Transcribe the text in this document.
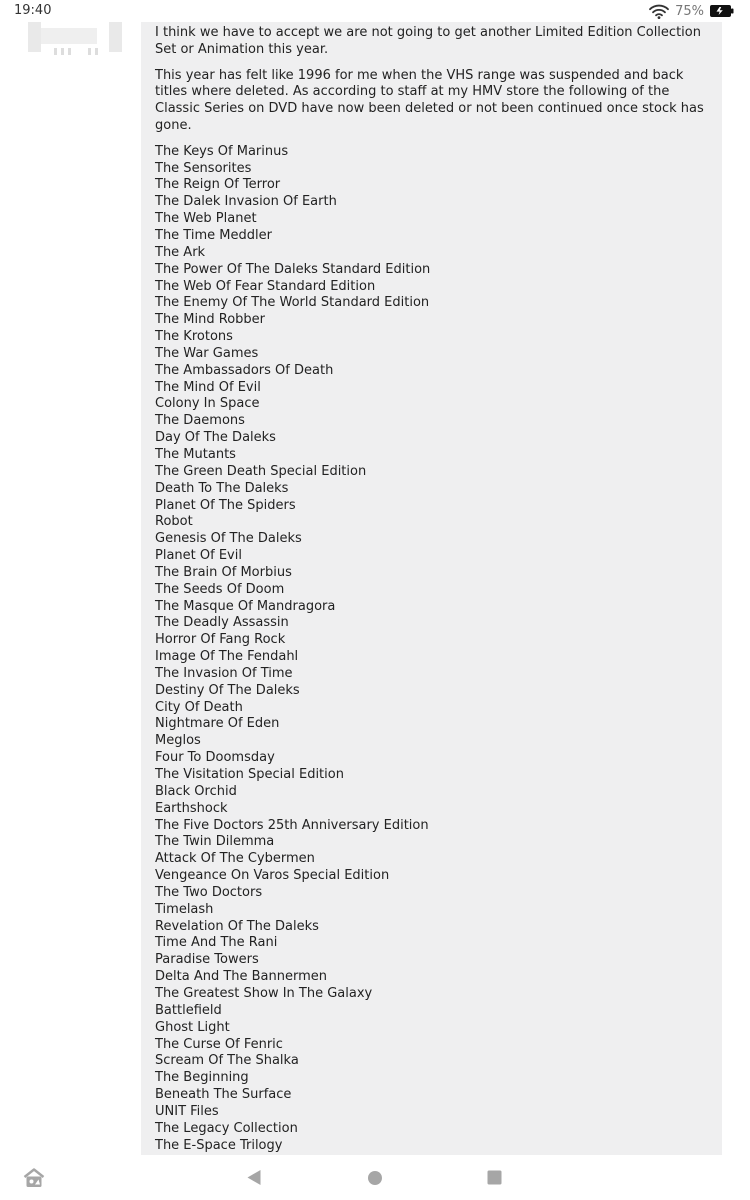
19:40	75%

I think we have to accept we are not going to get another Limited Edition Collection Set or Animation this year.

This year has felt like 1996 for me when the VHS range was suspended and back titles where deleted. As according to staff at my HMV store the following of the Classic Series on DVD have now been deleted or not been continued once stock has gone.

The Keys Of Marinus
The Sensorites
The Reign Of Terror
The Dalek Invasion Of Earth
The Web Planet
The Time Meddler
The Ark
The Power Of The Daleks Standard Edition
The Web Of Fear Standard Edition
The Enemy Of The World Standard Edition
The Mind Robber
The Krotons
The War Games
The Ambassadors Of Death
The Mind Of Evil
Colony In Space
The Daemons
Day Of The Daleks
The Mutants
The Green Death Special Edition
Death To The Daleks
Planet Of The Spiders
Robot
Genesis Of The Daleks
Planet Of Evil
The Brain Of Morbius
The Seeds Of Doom
The Masque Of Mandragora
The Deadly Assassin
Horror Of Fang Rock
Image Of The Fendahl
The Invasion Of Time
Destiny Of The Daleks
City Of Death
Nightmare Of Eden
Meglos
Four To Doomsday
The Visitation Special Edition
Black Orchid
Earthshock
The Five Doctors 25th Anniversary Edition
The Twin Dilemma
Attack Of The Cybermen
Vengeance On Varos Special Edition
The Two Doctors
Timelash
Revelation Of The Daleks
Time And The Rani
Paradise Towers
Delta And The Bannermen
The Greatest Show In The Galaxy
Battlefield
Ghost Light
The Curse Of Fenric
Scream Of The Shalka
The Beginning
Beneath The Surface
UNIT Files
The Legacy Collection
The E-Space Trilogy
